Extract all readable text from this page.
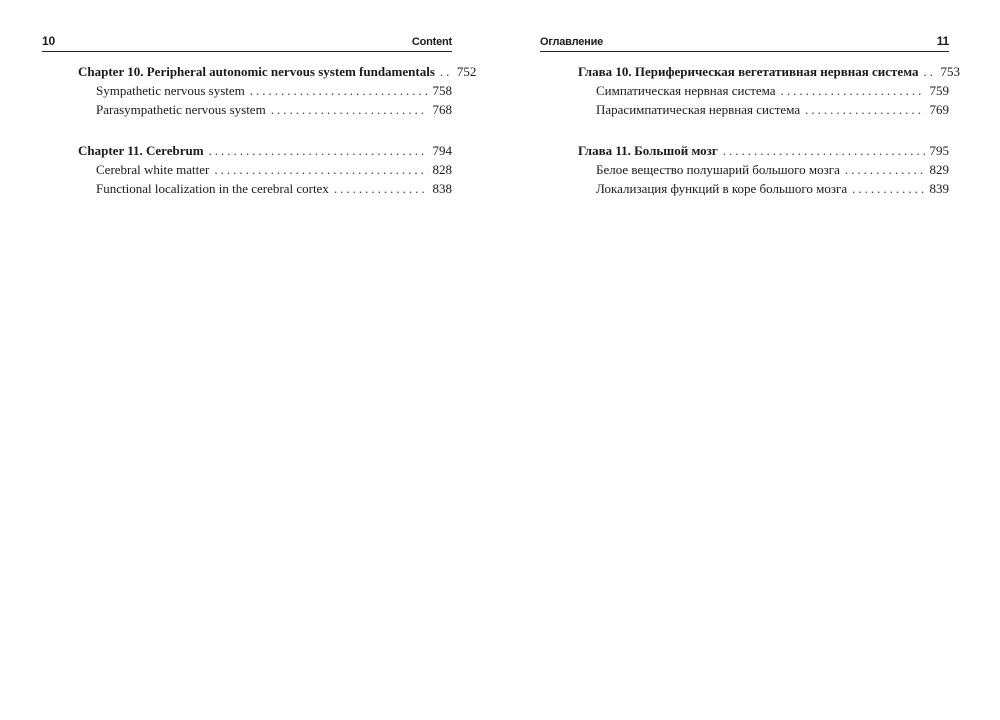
10	Content
Chapter 10. Peripheral autonomic nervous system fundamentals ..... 752
Sympathetic nervous system .....	758
Parasympathetic nervous system .....	768
Chapter 11. Cerebrum .....	794
Cerebral white matter .....	828
Functional localization in the cerebral cortex .....	838
Оглавление	11
Глава 10. Периферическая вегетативная нервная система ..... 753
Симпатическая нервная система .....	759
Парасимпатическая нервная система .....	769
Глава 11. Большой мозг .....	795
Белое вещество полушарий большого мозга .....	829
Локализация функций в коре большого мозга .....	839
